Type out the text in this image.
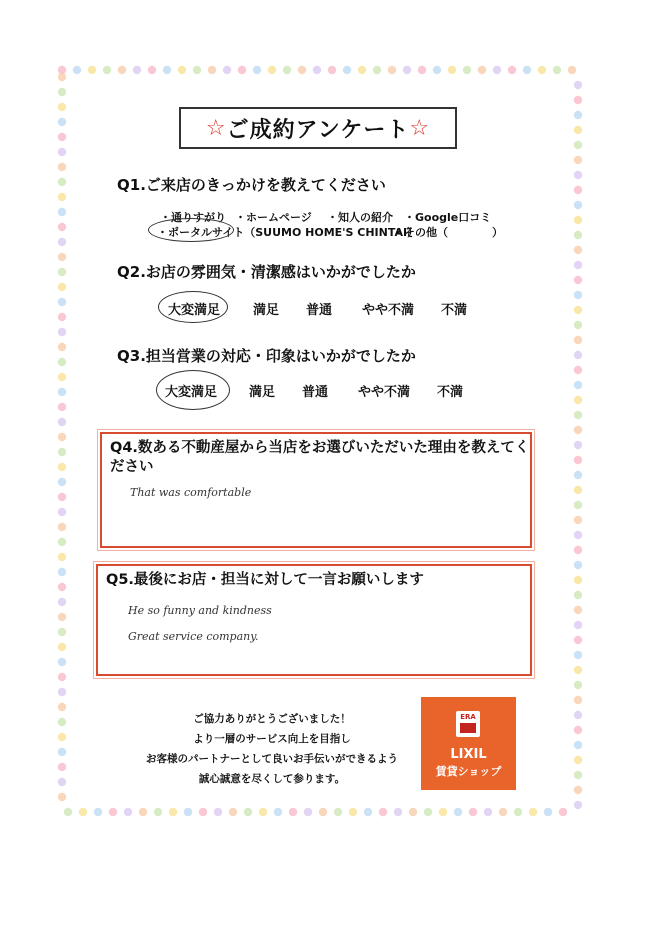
☆ ご成約アンケート ☆
Q1.ご来店のきっかけを教えてください
・通りすがり ・ホームページ ・知人の紹介 ・Google口コミ
・ポータルサイト（SUUMO HOME'S CHINTAI）
・その他（　　　　）
Q2.お店の雰囲気・清潔感はいかがでしたか
大変満足	満足 普通 やや不満 不満
Q3.担当営業の対応・印象はいかがでしたか
大変満足 満足 普通 やや不満 不満
Q4.数ある不動産屋から当店をお選びいただいた理由を教えてください
That was comfortable
Q5.最後にお店・担当に対して一言お願いします
He so funny and kindness
Great service company.
ご協力ありがとうございました！
より一層のサービス向上を目指し
お客様のパートナーとして良いお手伝いができるよう
誠心誠意を尽くして参ります。
ERA
LIXIL
賃貸ショップ
